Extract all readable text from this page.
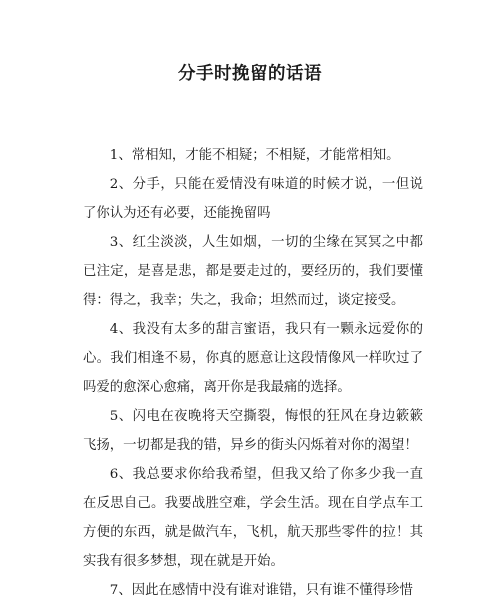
分手时挽留的话语

1、常相知，才能不相疑；不相疑，才能常相知。

2、分手，只能在爱情没有味道的时候才说，一但说了你认为还有必要，还能挽留吗

3、红尘淡淡，人生如烟，一切的尘缘在冥冥之中都已注定，是喜是悲，都是要走过的，要经历的，我们要懂得：得之，我幸；失之，我命；坦然而过，谈定接受。

4、我没有太多的甜言蜜语，我只有一颗永远爱你的心。我们相逢不易，你真的愿意让这段情像风一样吹过了吗爱的愈深心愈痛，离开你是我最痛的选择。

5、闪电在夜晚将天空撕裂，悔恨的狂风在身边簌簌飞扬，一切都是我的错，异乡的街头闪烁着对你的渴望！

6、我总要求你给我希望，但我又给了你多少我一直在反思自己。我要战胜空难，学会生活。现在自学点车工方便的东西，就是做汽车，飞机，航天那些零件的拉！其实我有很多梦想，现在就是开始。

7、因此在感情中没有谁对谁错，只有谁不懂得珍惜
